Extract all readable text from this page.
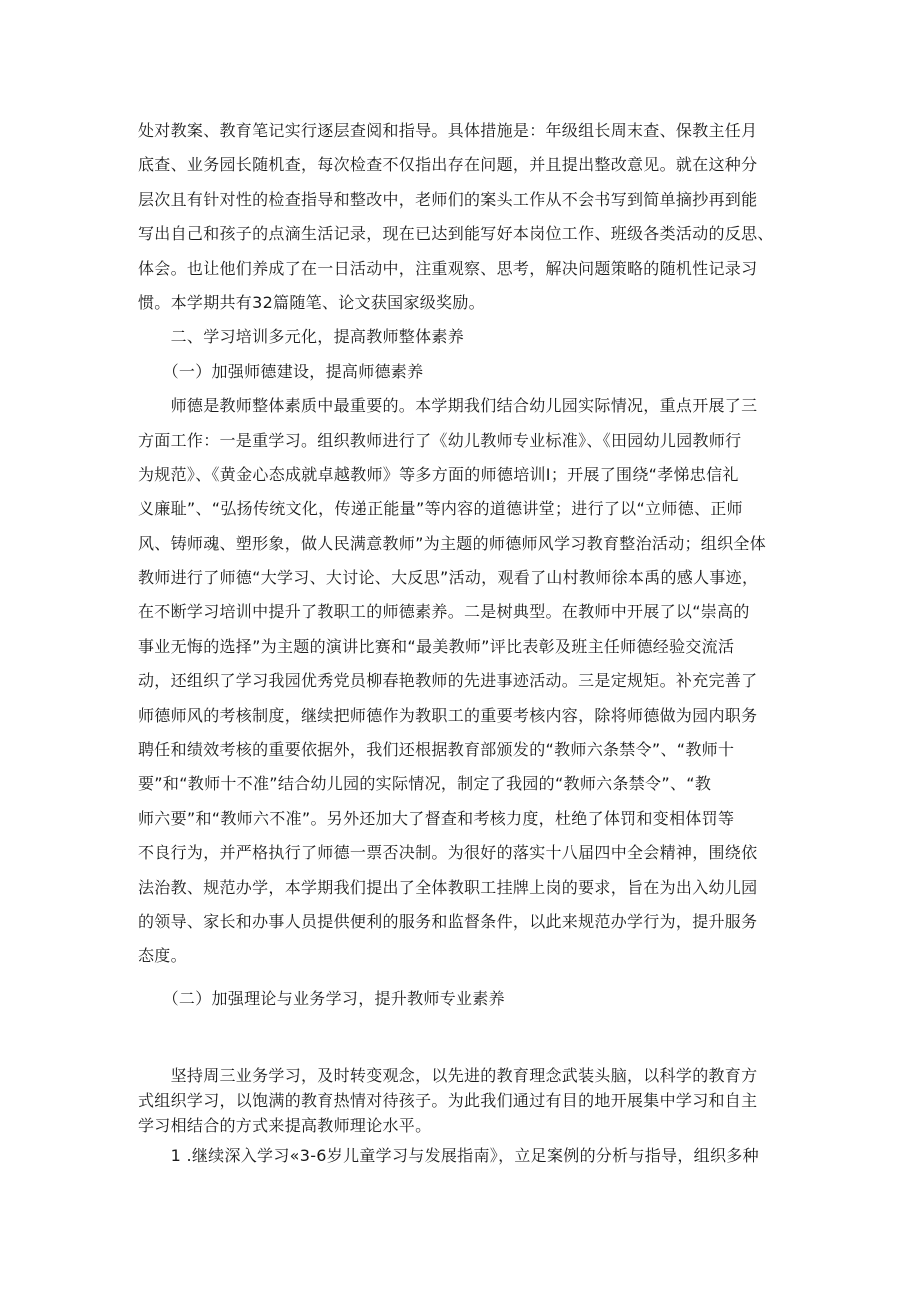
处对教案、教育笔记实行逐层查阅和指导。具体措施是：年级组长周末查、保教主任月
底查、业务园长随机查，每次检查不仅指出存在问题，并且提出整改意见。就在这种分
层次且有针对性的检查指导和整改中，老师们的案头工作从不会书写到简单摘抄再到能
写出自己和孩子的点滴生活记录，现在已达到能写好本岗位工作、班级各类活动的反思、
体会。也让他们养成了在一日活动中，注重观察、思考，解决问题策略的随机性记录习
惯。本学期共有32篇随笔、论文获国家级奖励。
　　二、学习培训多元化，提高教师整体素养
　　（一）加强师德建设，提高师德素养
　　师德是教师整体素质中最重要的。本学期我们结合幼儿园实际情况，重点开展了三
方面工作：一是重学习。组织教师进行了《幼儿教师专业标准》、《田园幼儿园教师行
为规范》、《黄金心态成就卓越教师》等多方面的师德培训I；开展了围绕“孝悌忠信礼
义廉耻”、“弘扬传统文化，传递正能量”等内容的道德讲堂；进行了以“立师德、正师
风、铸师魂、塑形象，做人民满意教师”为主题的师德师风学习教育整治活动；组织全体
教师进行了师德“大学习、大讨论、大反思”活动，观看了山村教师徐本禹的感人事迹，
在不断学习培训中提升了教职工的师德素养。二是树典型。在教师中开展了以“崇高的
事业无悔的选择”为主题的演讲比赛和“最美教师”评比表彰及班主任师德经验交流活
动，还组织了学习我园优秀党员柳春艳教师的先进事迹活动。三是定规矩。补充完善了
师德师风的考核制度，继续把师德作为教职工的重要考核内容，除将师德做为园内职务
聘任和绩效考核的重要依据外，我们还根据教育部颁发的“教师六条禁令”、“教师十
要”和“教师十不准”结合幼儿园的实际情况，制定了我园的“教师六条禁令”、“教
师六要”和“教师六不准”。另外还加大了督查和考核力度，杜绝了体罚和变相体罚等
不良行为，并严格执行了师德一票否决制。为很好的落实十八届四中全会精神，围绕依
法治教、规范办学，本学期我们提出了全体教职工挂牌上岗的要求，旨在为出入幼儿园
的领导、家长和办事人员提供便利的服务和监督条件，以此来规范办学行为，提升服务
态度。
　　（二）加强理论与业务学习，提升教师专业素养
　　坚持周三业务学习，及时转变观念，以先进的教育理念武装头脑，以科学的教育方
式组织学习，以饱满的教育热情对待孩子。为此我们通过有目的地开展集中学习和自主
学习相结合的方式来提高教师理论水平。
　　1 .继续深入学习«3-6岁儿童学习与发展指南》，立足案例的分析与指导，组织多种
